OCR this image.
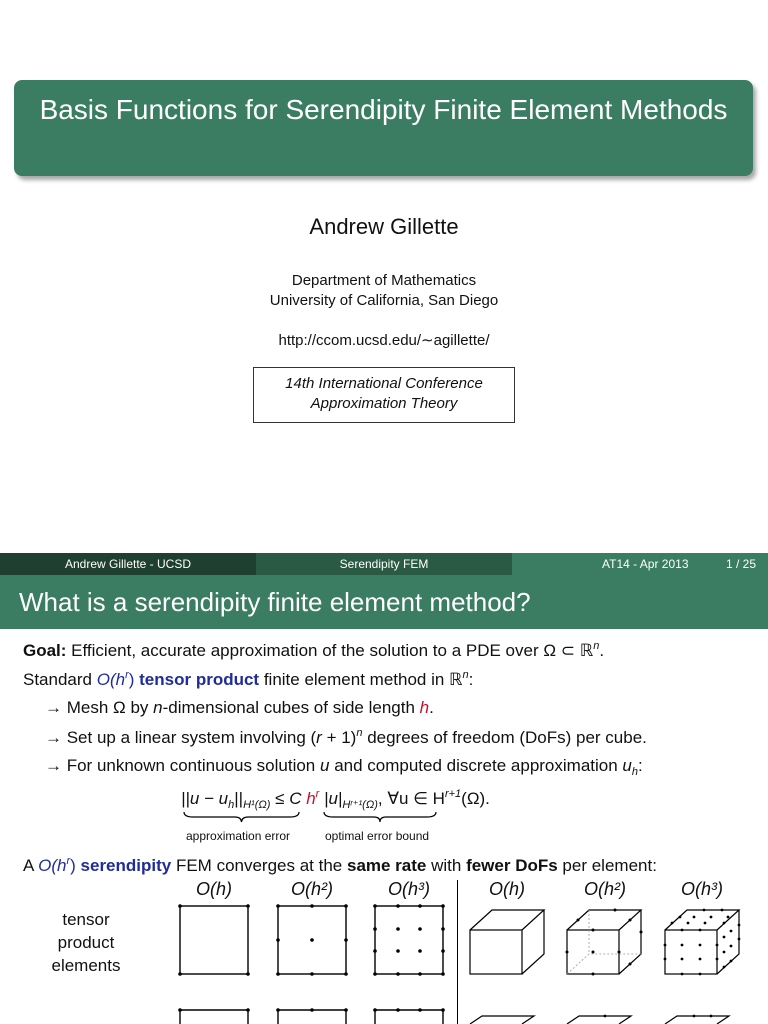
Basis Functions for Serendipity Finite Element Methods
Andrew Gillette
Department of Mathematics
University of California, San Diego
http://ccom.ucsd.edu/∼agillette/
14th International Conference
Approximation Theory
Andrew Gillette - UCSD	Serendipity FEM	AT14 - Apr 2013	1 / 25
What is a serendipity finite element method?
Goal: Efficient, accurate approximation of the solution to a PDE over Ω ⊂ ℝ$^n$.
Standard $O(h^r)$ tensor product finite element method in ℝ$^n$:
→ Mesh Ω by n-dimensional cubes of side length h.
→ Set up a linear system involving $(r + 1)^n$ degrees of freedom (DoFs) per cube.
→ For unknown continuous solution u and computed discrete approximation $u_h$:
$||u - u_h||_{H^1(\Omega)} \le C$ $h^r$ $|u|_{Hʳ^{+1}(\Omega)}$, ∀u ∈ $H^{r+1}(\Omega)$.
approximation error	optimal error bound
A $O(h^r)$ serendipity FEM converges at the same rate with fewer DoFs per element:
O(h)	O(h²)	O(h³)	O(h)	O(h²)	O(h³)
tensor product elements
